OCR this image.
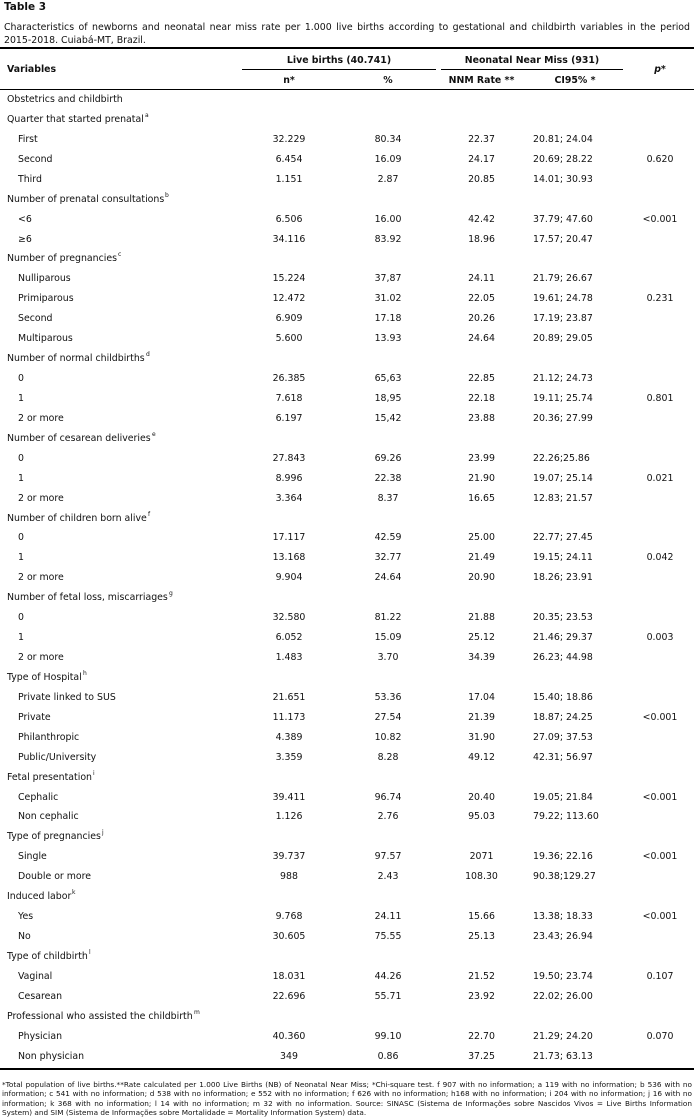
Table 3
Characteristics of newborns and neonatal near miss rate per 1.000 live births according to gestational and childbirth variables in the period 2015-2018. Cuiabá-MT, Brazil.
Variables
Live births (40.741)	Neonatal Near Miss (931)
p*
n*	%	NNM Rate **	CI95% *
Obstetrics and childbirth
Quarter that started prenatal a
First	32.229	80.34	22.37	20.81; 24.04
Second	6.454	16.09	24.17	20.69; 28.22	0.620
Third	1.151	2.87	20.85	14.01; 30.93
Number of prenatal consultations b
<6	6.506	16.00	42.42	37.79; 47.60	<0.001
≥6	34.116	83.92	18.96	17.57; 20.47
Number of pregnancies c
Nulliparous	15.224	37,87	24.11	21.79; 26.67
Primiparous	12.472	31.02	22.05	19.61; 24.78	0.231
Second	6.909	17.18	20.26	17.19; 23.87
Multiparous	5.600	13.93	24.64	20.89; 29.05
Number of normal childbirths d
0	26.385	65,63	22.85	21.12; 24.73
1	7.618	18,95	22.18	19.11; 25.74	0.801
2 or more	6.197	15,42	23.88	20.36; 27.99
Number of cesarean deliveries e
0	27.843	69.26	23.99	22.26;25.86
1	8.996	22.38	21.90	19.07; 25.14	0.021
2 or more	3.364	8.37	16.65	12.83; 21.57
Number of children born alive f
0	17.117	42.59	25.00	22.77; 27.45
1	13.168	32.77	21.49	19.15; 24.11	0.042
2 or more	9.904	24.64	20.90	18.26; 23.91
Number of fetal loss, miscarriages g
0	32.580	81.22	21.88	20.35; 23.53
1	6.052	15.09	25.12	21.46; 29.37	0.003
2 or more	1.483	3.70	34.39	26.23; 44.98
Type of Hospital h
Private linked to SUS	21.651	53.36	17.04	15.40; 18.86
Private	11.173	27.54	21.39	18.87; 24.25	<0.001
Philanthropic	4.389	10.82	31.90	27.09; 37.53
Public/University	3.359	8.28	49.12	42.31; 56.97
Fetal presentation i
Cephalic	39.411	96.74	20.40	19.05; 21.84	<0.001
Non cephalic	1.126	2.76	95.03	79.22; 113.60
Type of pregnancies j
Single	39.737	97.57	2071	19.36; 22.16	<0.001
Double or more	988	2.43	108.30	90.38;129.27
Induced labor k
Yes	9.768	24.11	15.66	13.38; 18.33	<0.001
No	30.605	75.55	25.13	23.43; 26.94
Type of childbirth l
Vaginal	18.031	44.26	21.52	19.50; 23.74	0.107
Cesarean	22.696	55.71	23.92	22.02; 26.00
Professional who assisted the childbirth m
Physician	40.360	99.10	22.70	21.29; 24.20	0.070
Non physician	349	0.86	37.25	21.73; 63.13
*Total population of live births.**Rate calculated per 1.000 Live Births (NB) of Neonatal Near Miss; *Chi-square test. f 907 with no information; a 119 with no information; b 536 with no information; c 541 with no information; d 538 with no information; e 552 with no information; f 626 with no information; h168 with no information; i 204 with no information; j 16 with no information; k 368 with no information; l 14 with no information; m 32 with no information. Source: SINASC (Sistema de Informações sobre Nascidos Vivos = Live Births Information System) and SIM (Sistema de Informações sobre Mortalidade = Mortality Information System) data.
